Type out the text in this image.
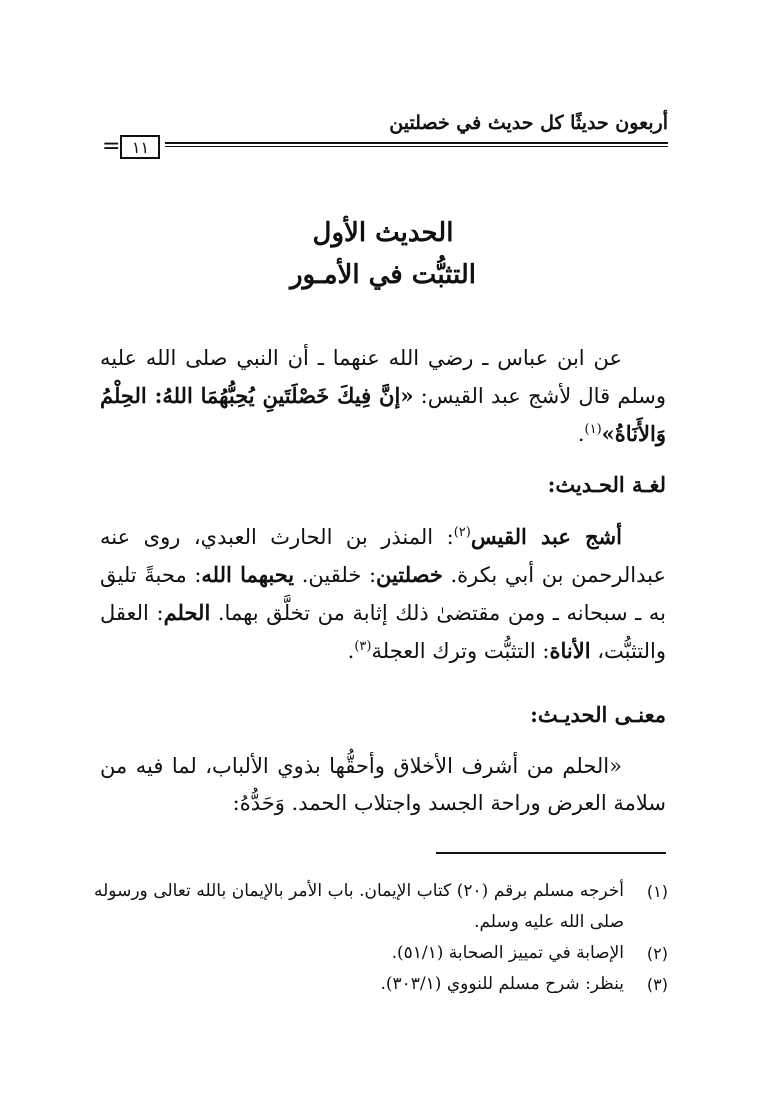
أربعون حديثًا كل حديث في خصلتين
١١
=
الحديث الأول
التثبُّت في الأمـور
عن ابن عباس ـ رضي الله عنهما ـ أن النبي صلى الله عليه وسلم قال لأشج عبد القيس: «إنَّ فِيكَ خَصْلَتَينِ يُحِبُّهُمَا اللهُ: الحِلْمُ وَالأَنَاةُ»$^{(١)}$.
لغـة الحـديث:
أشج عبد القيس$^{(٢)}$: المنذر بن الحارث العبدي، روى عنه عبدالرحمن بن أبي بكرة. خصلتين: خلقين. يحبهما الله: محبةً تليق به ـ سبحانه ـ ومن مقتضىٰ ذلك إثابة من تخلَّق بهما. الحلم: العقل والتثبُّت، الأناة: التثبُّت وترك العجلة$^{(٣)}$.
معنـى الحديـث:
«الحلم من أشرف الأخلاق وأحقُّها بذوي الألباب، لما فيه من سلامة العرض وراحة الجسد واجتلاب الحمد. وَحَدُّهُ:
(١)
أخرجه مسلم برقم (٢٠) كتاب الإيمان. باب الأمر بالإيمان بالله تعالى ورسوله صلى الله عليه وسلم.
(٢)
الإصابة في تمييز الصحابة (٥١/١).
(٣)
ينظر: شرح مسلم للنووي (٣٠٣/١).
